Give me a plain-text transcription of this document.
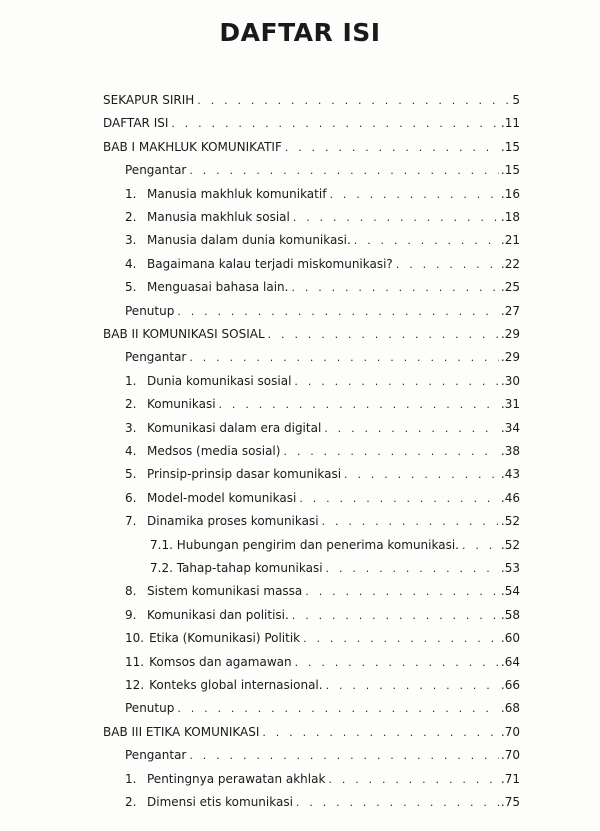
DAFTAR ISI
SEKAPUR SIRIH . . .	5
DAFTAR ISI . . .	.11
BAB I MAKHLUK KOMUNIKATIF . . .	.15
Pengantar . . .	.15
1. Manusia makhluk komunikatif . . .	.16
2. Manusia makhluk sosial . . .	.18
3. Manusia dalam dunia komunikasi. . . .	.21
4. Bagaimana kalau terjadi miskomunikasi? . . .	.22
5. Menguasai bahasa lain. . . .	.25
Penutup . . .	.27
BAB II KOMUNIKASI SOSIAL . . .	.29
Pengantar . . .	.29
1. Dunia komunikasi sosial . . .	.30
2. Komunikasi . . .	.31
3. Komunikasi dalam era digital . . .	.34
4. Medsos (media sosial) . . .	.38
5. Prinsip-prinsip dasar komunikasi . . .	.43
6. Model-model komunikasi . . .	.46
7. Dinamika proses komunikasi . . .	.52
7.1. Hubungan pengirim dan penerima komunikasi. . . .	.52
7.2. Tahap-tahap komunikasi . . .	.53
8. Sistem komunikasi massa . . .	.54
9. Komunikasi dan politisi. . . .	.58
10. Etika (Komunikasi) Politik . . .	.60
11. Komsos dan agamawan . . .	.64
12. Konteks global internasional. . . .	.66
Penutup . . .	.68
BAB III ETIKA KOMUNIKASI . . .	.70
Pengantar . . .	.70
1. Pentingnya perawatan akhlak . . .	.71
2. Dimensi etis komunikasi . . .	.75
